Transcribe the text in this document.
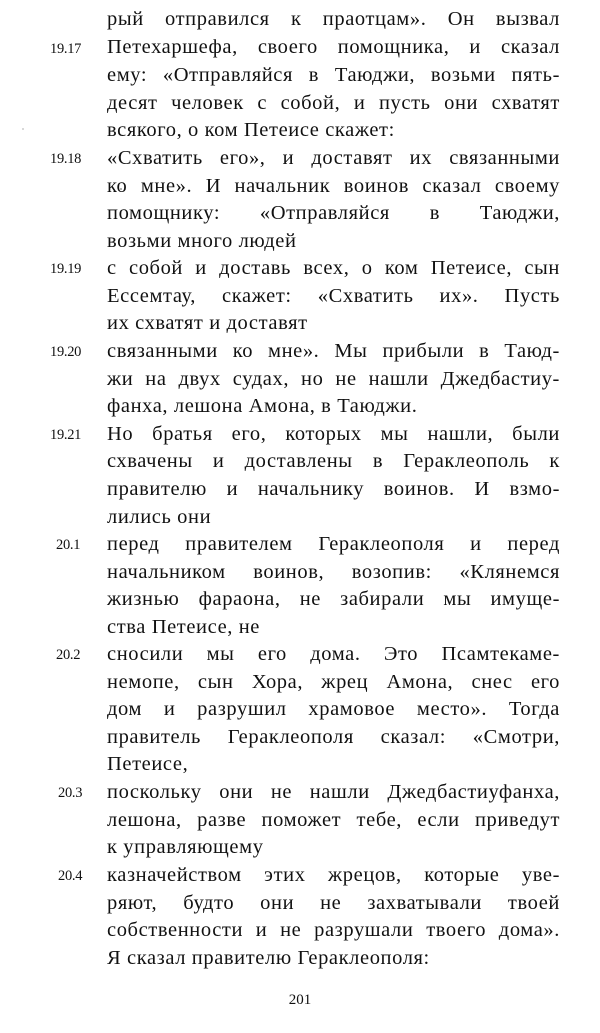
рый отправился к праотцам». Он вызвал
19.17 Петехаршефа, своего помощника, и сказал
ему: «Отправляйся в Таюджи, возьми пять-
десят человек с собой, и пусть они схватят
всякого, о ком Петеисе скажет:
19.18 «Схватить его», и доставят их связанными
ко мне». И начальник воинов сказал своему
помощнику: «Отправляйся в Таюджи,
возьми много людей
19.19 с собой и доставь всех, о ком Петеисе, сын
Ессемтау, скажет: «Схватить их». Пусть
их схватят и доставят
19.20 связанными ко мне». Мы прибыли в Таюд-
жи на двух судах, но не нашли Джедбастиу-
фанха, лешона Амона, в Таюджи.
19.21 Но братья его, которых мы нашли, были
схвачены и доставлены в Гераклеополь к
правителю и начальнику воинов. И взмо-
лились они
20.1 перед правителем Гераклеополя и перед
начальником воинов, возопив: «Клянемся
жизнью фараона, не забирали мы имуще-
ства Петеисе, не
20.2 сносили мы его дома. Это Псамтекаме-
немопе, сын Хора, жрец Амона, снес его
дом и разрушил храмовое место». Тогда
правитель Гераклеополя сказал: «Смотри,
Петеисе,
20.3 поскольку они не нашли Джедбастиуфанха,
лешона, разве поможет тебе, если приведут
к управляющему
20.4 казначейством этих жрецов, которые уве-
ряют, будто они не захватывали твоей
собственности и не разрушали твоего дома».
Я сказал правителю Гераклеополя:
201
